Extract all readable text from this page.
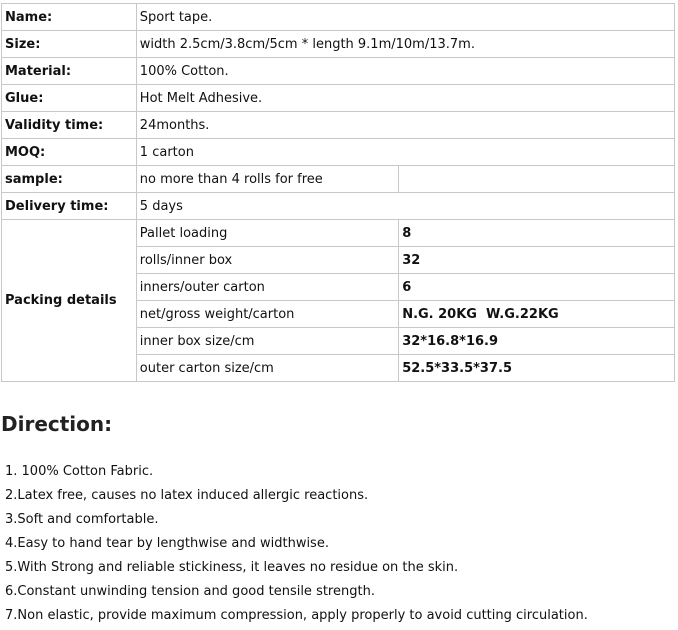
Name:	Sport tape.	
Size:	width 2.5cm/3.8cm/5cm * length 9.1m/10m/13.7m.	
Material:	100% Cotton.	
Glue:	Hot Melt Adhesive.	
Validity time:	24months.	
MOQ:	1 carton	
sample:	no more than 4 rolls for free	
Delivery time:	5 days	
Packing details	Pallet loading	8
	rolls/inner box	32
	inners/outer carton	6
	net/gross weight/carton	N.G. 20KG  W.G.22KG
	inner box size/cm	32*16.8*16.9
	outer carton size/cm	52.5*33.5*37.5
Direction:
1. 100% Cotton Fabric.
2.Latex free, causes no latex induced allergic reactions.
3.Soft and comfortable.
4.Easy to hand tear by lengthwise and widthwise.
5.With Strong and reliable stickiness, it leaves no residue on the skin.
6.Constant unwinding tension and good tensile strength.
7.Non elastic, provide maximum compression, apply properly to avoid cutting circulation.
